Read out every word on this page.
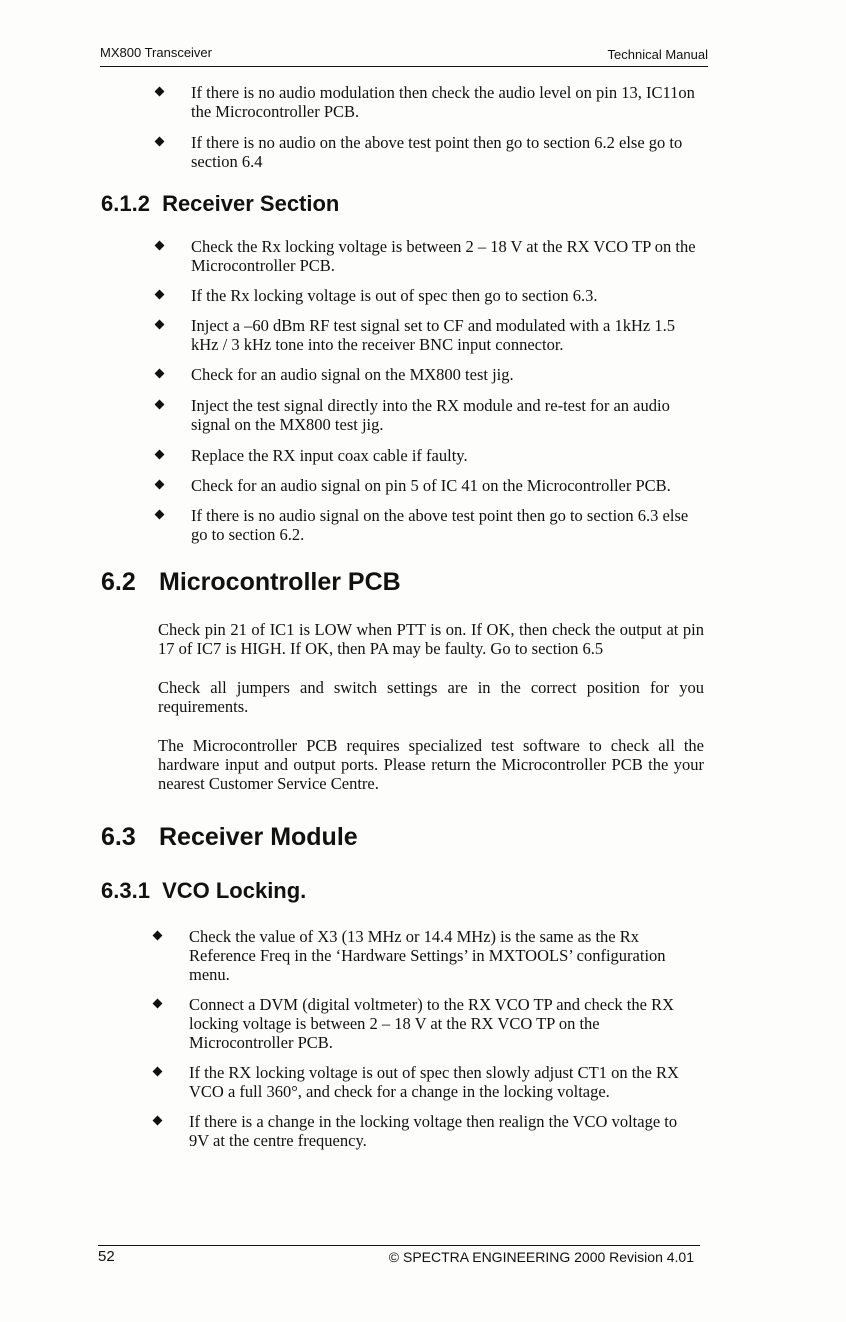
MX800 Transceiver	Technical Manual
If there is no audio modulation then check the audio level on pin 13, IC11on the Microcontroller PCB.
If there is no audio on the above test point then go to section 6.2 else go to section 6.4
6.1.2 Receiver Section
Check the Rx locking voltage is between 2 – 18 V at the RX VCO TP on the Microcontroller PCB.
If the Rx locking voltage is out of spec then go to section 6.3.
Inject a –60 dBm RF test signal set to CF and modulated with a 1kHz 1.5 kHz / 3 kHz tone into the receiver BNC input connector.
Check for an audio signal on the MX800 test jig.
Inject the test signal directly into the RX module and re-test for an audio signal on the MX800 test jig.
Replace the RX input coax cable if faulty.
Check for an audio signal on pin 5 of IC 41 on the Microcontroller PCB.
If there is no audio signal on the above test point then go to section 6.3 else go to section 6.2.
6.2 Microcontroller PCB

Check pin 21 of IC1 is LOW when PTT is on. If OK, then check the output at pin 17 of IC7 is HIGH. If OK, then PA may be faulty. Go to section 6.5

Check all jumpers and switch settings are in the correct position for you requirements.

The Microcontroller PCB requires specialized test software to check all the hardware input and output ports. Please return the Microcontroller PCB the your nearest Customer Service Centre.

6.3 Receiver Module
6.3.1 VCO Locking.
Check the value of X3 (13 MHz or 14.4 MHz) is the same as the Rx Reference Freq in the ‘Hardware Settings’ in MXTOOLS’ configuration menu.
Connect a DVM (digital voltmeter) to the RX VCO TP and check the RX locking voltage is between 2 – 18 V at the RX VCO TP on the Microcontroller PCB.
If the RX locking voltage is out of spec then slowly adjust CT1 on the RX VCO a full 360°, and check for a change in the locking voltage.
If there is a change in the locking voltage then realign the VCO voltage to 9V at the centre frequency.
52	© SPECTRA ENGINEERING 2000 Revision 4.01
